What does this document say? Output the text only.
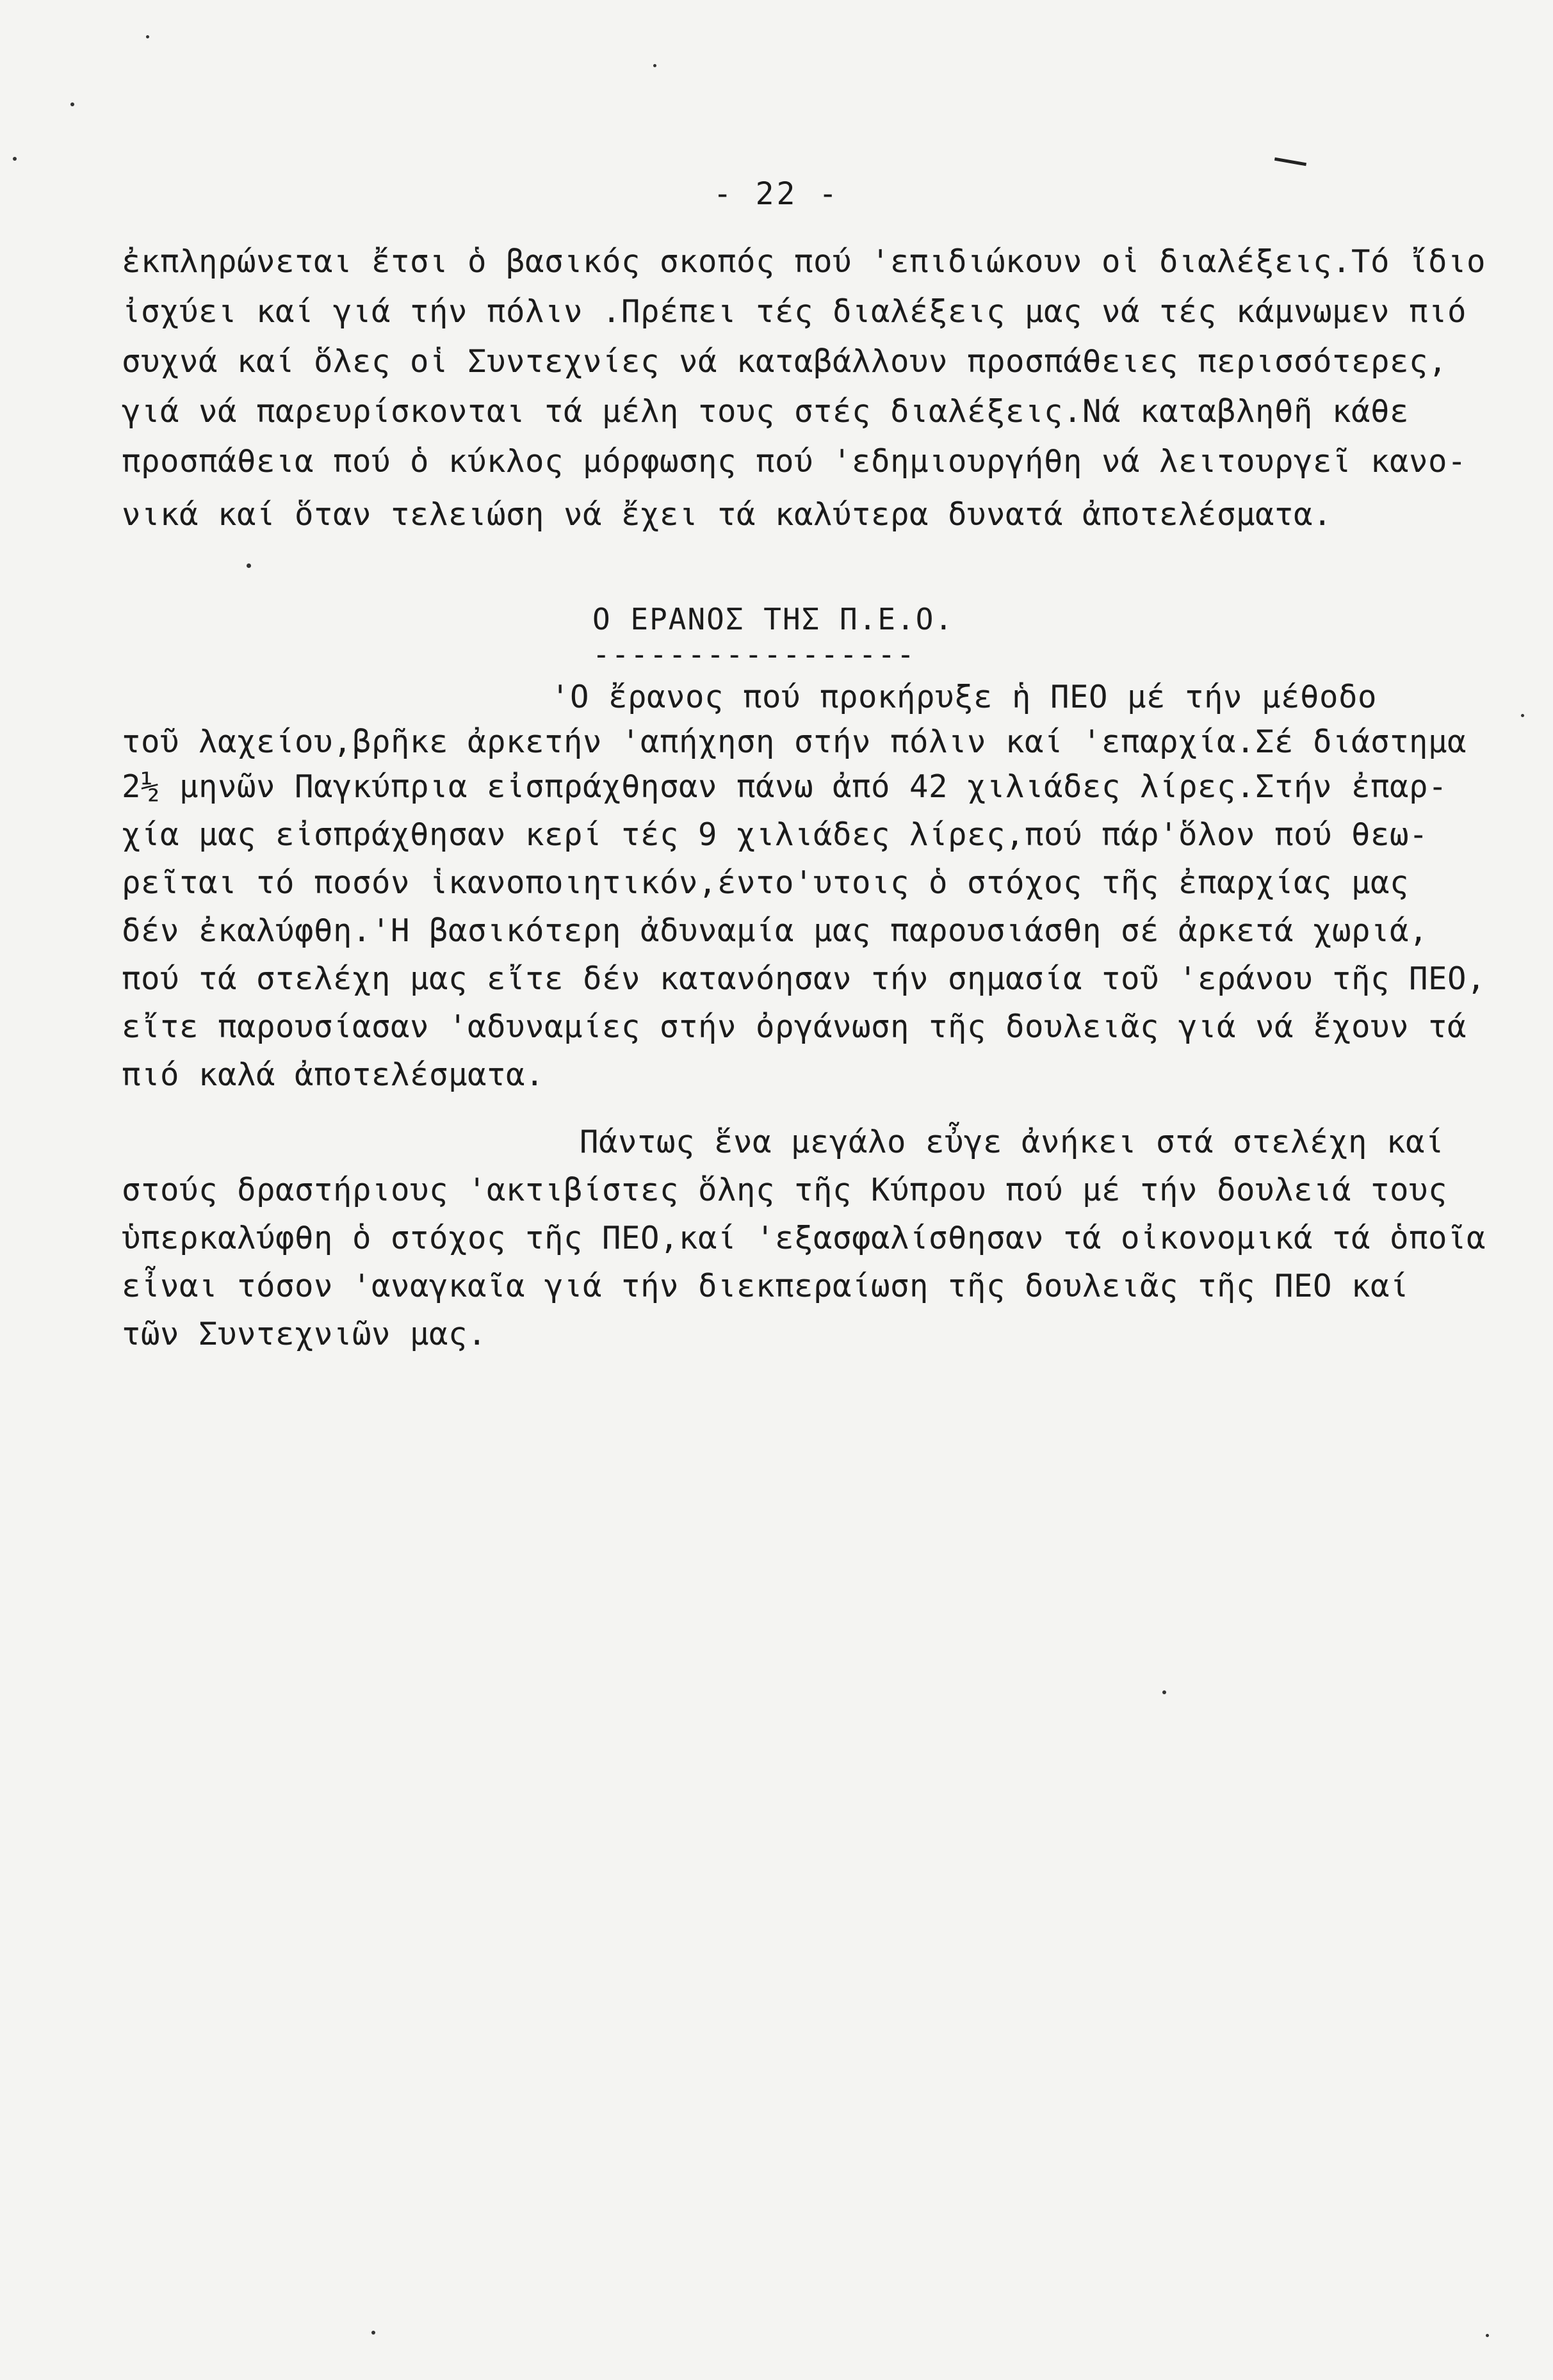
- 22 -
ἐκπληρώνεται ἔτσι ὁ βασικός σκοπός πού 'επιδιώκουν οἱ διαλέξεις.Τό ἴδιο
ἰσχύει καί γιά τήν πόλιν .Πρέπει τές διαλέξεις μας νά τές κάμνωμεν πιό
συχνά καί ὅλες οἱ Συντεχνίες νά καταβάλλουν προσπάθειες περισσότερες,
γιά νά παρευρίσκονται τά μέλη τους στές διαλέξεις.Νά καταβληθῆ κάθε
προσπάθεια πού ὁ κύκλος μόρφωσης πού 'εδημιουργήθη νά λειτουργεῖ κανο-
νικά καί ὅταν τελειώση νά ἔχει τά καλύτερα δυνατά ἀποτελέσματα.
Ο ΕΡΑΝΟΣ ΤΗΣ Π.Ε.Ο.
-----------------
'Ο ἔρανος πού προκήρυξε ἡ ΠΕΟ μέ τήν μέθοδο
τοῦ λαχείου,βρῆκε ἀρκετήν 'απήχηση στήν πόλιν καί 'επαρχία.Σέ διάστημα
2½ μηνῶν Παγκύπρια εἰσπράχθησαν πάνω ἀπό 42 χιλιάδες λίρες.Στήν ἐπαρ-
χία μας εἰσπράχθησαν κερί τές 9 χιλιάδες λίρες,πού πάρ'ὅλον πού θεω-
ρεῖται τό ποσόν ἱκανοποιητικόν,έντο'υτοις ὁ στόχος τῆς ἐπαρχίας μας
δέν ἐκαλύφθη.'Η βασικότερη ἀδυναμία μας παρουσιάσθη σέ ἀρκετά χωριά,
πού τά στελέχη μας εἴτε δέν κατανόησαν τήν σημασία τοῦ 'εράνου τῆς ΠΕΟ,
εἴτε παρουσίασαν 'αδυναμίες στήν ὀργάνωση τῆς δουλειᾶς γιά νά ἔχουν τά
πιό καλά ἀποτελέσματα.
Πάντως ἕνα μεγάλο εὖγε ἀνήκει στά στελέχη καί
στούς δραστήριους 'ακτιβίστες ὅλης τῆς Κύπρου πού μέ τήν δουλειά τους
ὑπερκαλύφθη ὁ στόχος τῆς ΠΕΟ,καί 'εξασφαλίσθησαν τά οἰκονομικά τά ὁποῖα
εἶναι τόσον 'αναγκαῖα γιά τήν διεκπεραίωση τῆς δουλειᾶς τῆς ΠΕΟ καί
τῶν Συντεχνιῶν μας.
